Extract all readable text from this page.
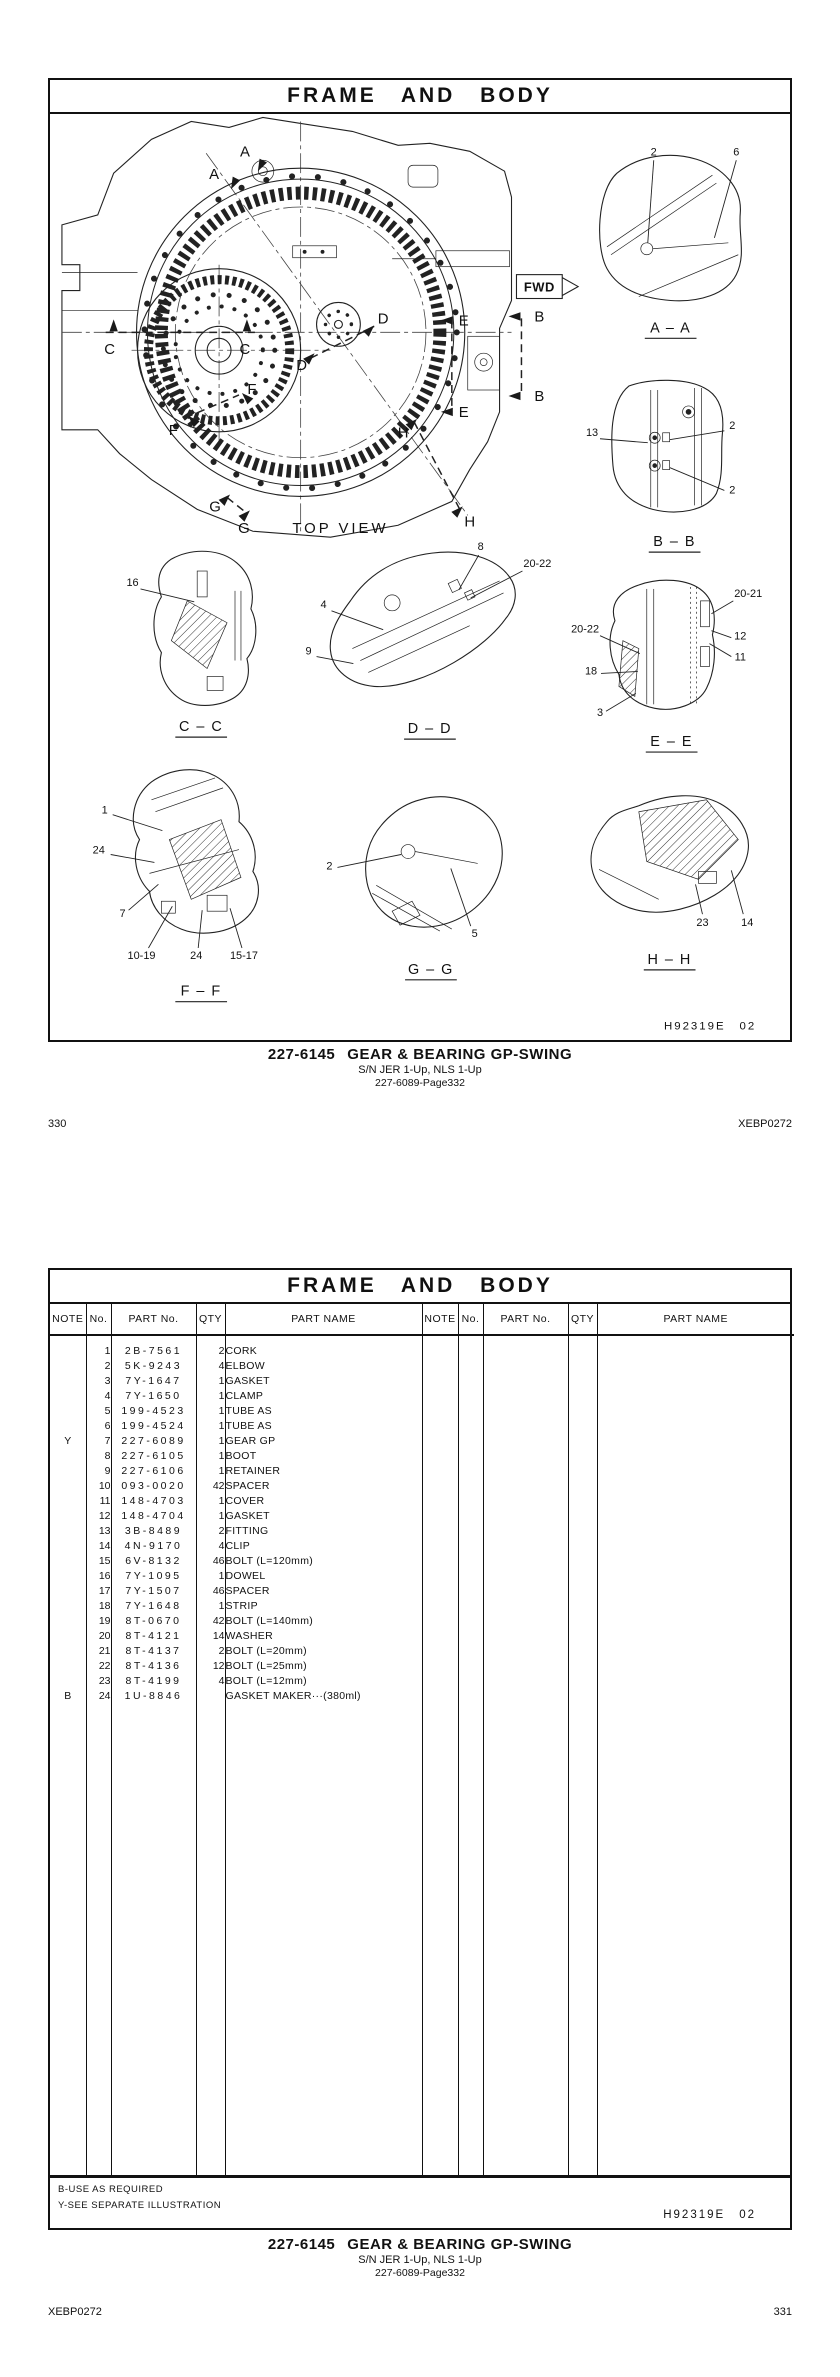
FRAME AND BODY
A
A
B
B
C	C
D
D	E
E
F
F
G
G
H
H
FWD
TOP VIEW
2	6
A – A
13
2
2
B – B
16
C – C
8
20-22
4
9
D – D
20-21
12
11
20-22
18
3
E – E
1
24
7
10-19	24	15-17
F – F
2
5
G – G
23	14
H – H
H92319E 02
227-6145 GEAR & BEARING GP-SWING
S/N JER 1-Up, NLS 1-Up
227-6089-Page332
330	XEBP0272
FRAME AND BODY
NOTE	No.	PART No.	QTY	PART NAME	NOTE	No.	PART No.	QTY	PART NAME

	1	2B-7561	2	CORK					
	2	5K-9243	4	ELBOW					
	3	7Y-1647	1	GASKET					
	4	7Y-1650	1	CLAMP					
	5	199-4523	1	TUBE AS					
	6	199-4524	1	TUBE AS					
Y	7	227-6089	1	GEAR GP					
	8	227-6105	1	BOOT					
	9	227-6106	1	RETAINER					
	10	093-0020	42	SPACER					
	11	148-4703	1	COVER					
	12	148-4704	1	GASKET					
	13	3B-8489	2	FITTING					
	14	4N-9170	4	CLIP					
	15	6V-8132	46	BOLT (L=120mm)					
	16	7Y-1095	1	DOWEL					
	17	7Y-1507	46	SPACER					
	18	7Y-1648	1	STRIP					
	19	8T-0670	42	BOLT (L=140mm)					
	20	8T-4121	14	WASHER					
	21	8T-4137	2	BOLT (L=20mm)					
	22	8T-4136	12	BOLT (L=25mm)					
	23	8T-4199	4	BOLT (L=12mm)					
B	24	1U-8846		GASKET MAKER···(380ml)					

B-USE AS REQUIRED
Y-SEE SEPARATE ILLUSTRATION
H92319E 02
227-6145 GEAR & BEARING GP-SWING
S/N JER 1-Up, NLS 1-Up
227-6089-Page332
XEBP0272	331
